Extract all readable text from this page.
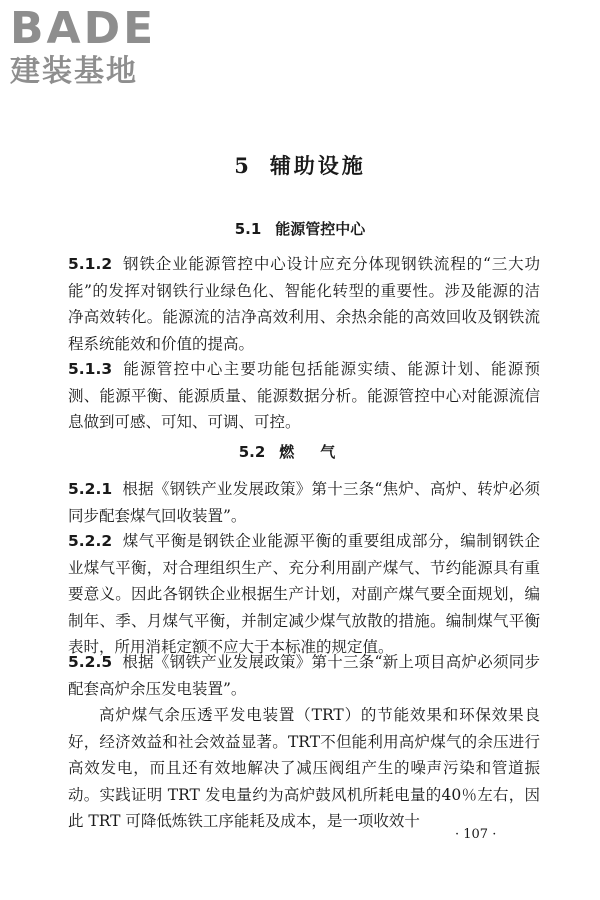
BADE

建装基地

5 辅助设施
5.1 能源管控中心

5.1.2 钢铁企业能源管控中心设计应充分体现钢铁流程的“三大功能”的发挥对钢铁行业绿色化、智能化转型的重要性。涉及能源的洁净高效转化。能源流的洁净高效利用、余热余能的高效回收及钢铁流程系统能效和价值的提高。

5.1.3 能源管控中心主要功能包括能源实绩、能源计划、能源预测、能源平衡、能源质量、能源数据分析。能源管控中心对能源流信息做到可感、可知、可调、可控。

5.2 燃气

5.2.1 根据《钢铁产业发展政策》第十三条“焦炉、高炉、转炉必须同步配套煤气回收装置”。

5.2.2 煤气平衡是钢铁企业能源平衡的重要组成部分，编制钢铁企业煤气平衡，对合理组织生产、充分利用副产煤气、节约能源具有重要意义。因此各钢铁企业根据生产计划，对副产煤气要全面规划，编制年、季、月煤气平衡，并制定减少煤气放散的措施。编制煤气平衡表时，所用消耗定额不应大于本标准的规定值。

5.2.5 根据《钢铁产业发展政策》第十三条“新上项目高炉必须同步配套高炉余压发电装置”。

高炉煤气余压透平发电装置（TRT）的节能效果和环保效果良好，经济效益和社会效益显著。TRT不但能利用高炉煤气的余压进行高效发电，而且还有效地解决了减压阀组产生的噪声污染和管道振动。实践证明 TRT 发电量约为高炉鼓风机所耗电量的40％左右，因此 TRT 可降低炼铁工序能耗及成本，是一项收效十

· 107 ·
